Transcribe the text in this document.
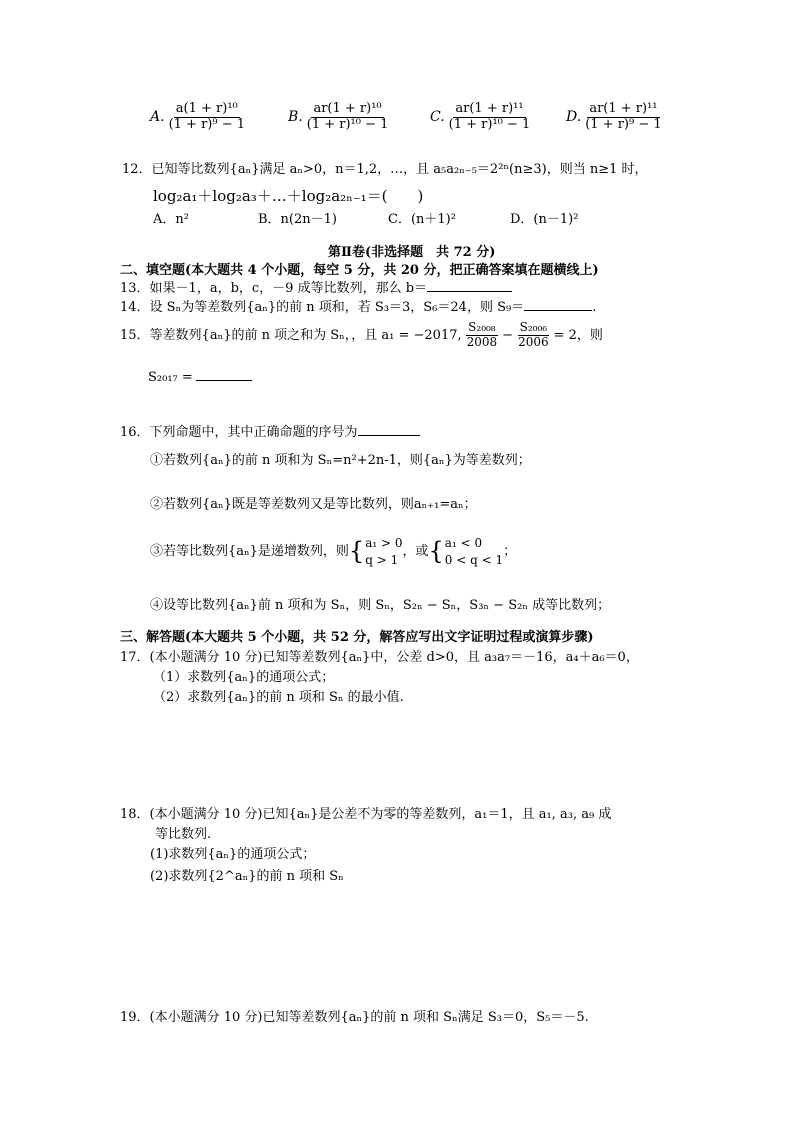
A. $\frac{\text{a(1 + r)¹⁰}}{\text{(1 + r)⁹ − 1}}$	B. $\frac{\text{ar(1 + r)¹⁰}}{\text{(1 + r)¹⁰ − 1}}$	C. $\frac{\text{ar(1 + r)¹¹}}{\text{(1 + r)¹⁰ − 1}} D$. $\frac{\text{ar(1 + r)¹¹}}{\text{(1 + r)⁹ − 1}}$
12．已知等比数列{aₙ}满足 aₙ>0，n＝1,2，…，且 a₅a₂ₙ₋₅＝2²ⁿ(n≥3)，则当 n≥1 时，
log₂a₁＋log₂a₃＋…＋log₂a₂ₙ₋₁＝(　　)
A．n²	B．n(2n－1)	C．(n＋1)²	D．(n－1)²
第Ⅱ卷(非选择题　共 72 分)
二、填空题(本大题共 4 个小题，每空 5 分，共 20 分，把正确答案填在题横线上)
13．如果－1，a，b，c，－9 成等比数列，那么 b＝
14．设 Sₙ为等差数列{aₙ}的前 n 项和，若 S₃＝3，S₆＝24，则 S₉＝	.
15．等差数列{aₙ}的前 n 项之和为 Sₙ，，且 a₁ = −2017, $\frac{\text{S₂₀₀₈}}{2008} - \frac{\text{S₂₀₀₆}}{2006} = 2$，则
S₂₀₁₇ =
16．下列命题中，其中正确命题的序号为
①若数列{aₙ}的前 n 项和为 Sₙ=n²+2n-1，则{aₙ}为等差数列；
②若数列{aₙ}既是等差数列又是等比数列，则aₙ₊₁=aₙ；
③若等比数列{aₙ}是递增数列，则 { a₁ > 0
q > 1
，或 { a₁ < 0
0 < q < 1
；
④设等比数列{aₙ}前 n 项和为 Sₙ，则 Sₙ，S₂ₙ − Sₙ，S₃ₙ − S₂ₙ 成等比数列；
三、解答题(本大题共 5 个小题，共 52 分，解答应写出文字证明过程或演算步骤)
17．(本小题满分 10 分)已知等差数列{aₙ}中，公差 d>0，且 a₃a₇＝－16，a₄＋a₆＝0，
（1）求数列{aₙ}的通项公式；
（2）求数列{aₙ}的前 n 项和 Sₙ 的最小值.
18．(本小题满分 10 分)已知{aₙ}是公差不为零的等差数列，a₁＝1，且 a₁, a₃, a₉ 成
等比数列.
(1)求数列{aₙ}的通项公式；
(2)求数列{2^aₙ}的前 n 项和 Sₙ
19．(本小题满分 10 分)已知等差数列{aₙ}的前 n 项和 Sₙ满足 S₃＝0，S₅＝－5.
